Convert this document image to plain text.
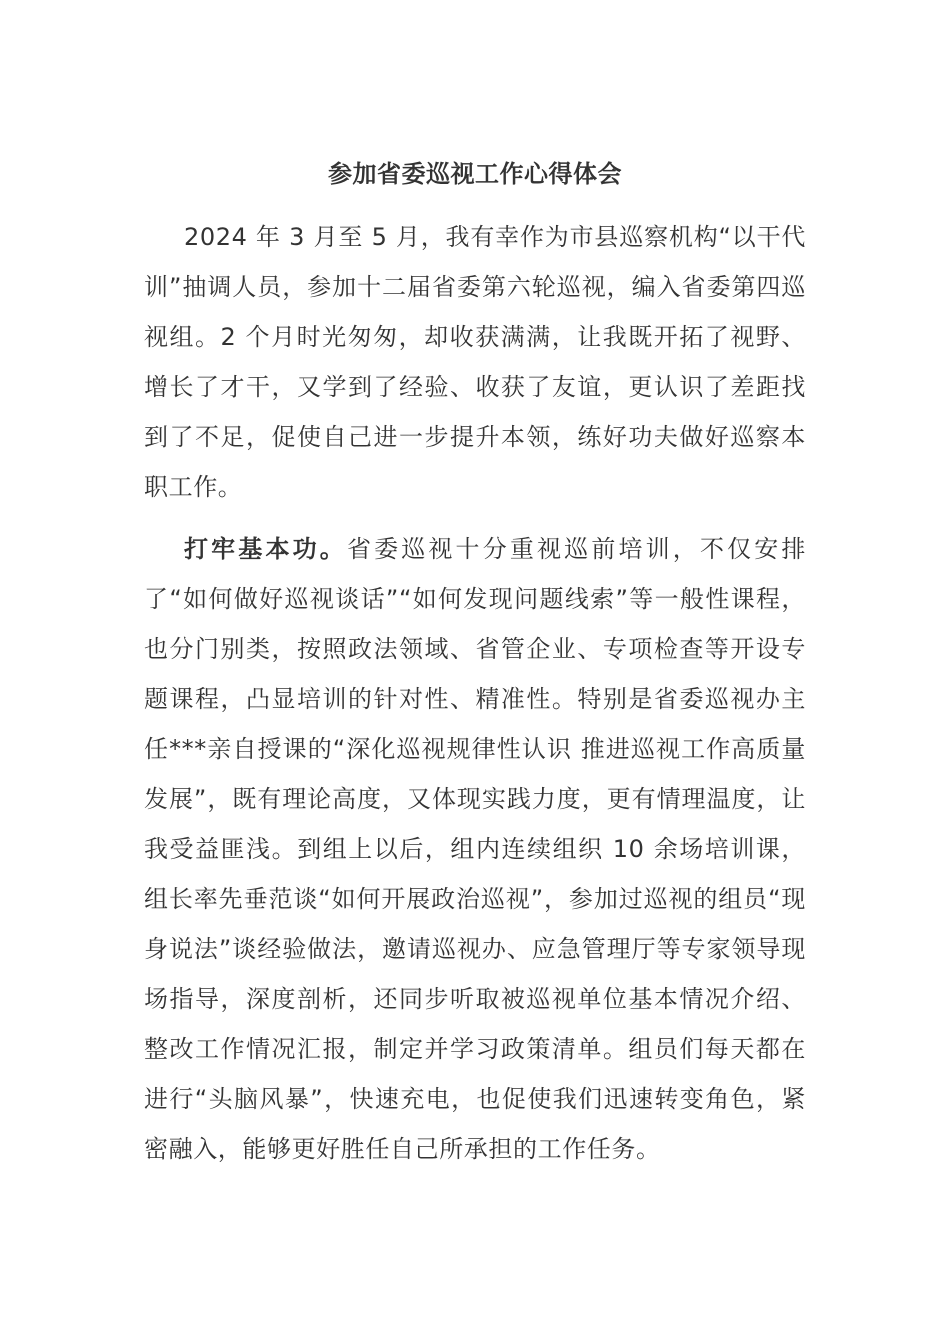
参加省委巡视工作心得体会

2024 年 3 月至 5 月，我有幸作为市县巡察机构“以干代训”抽调人员，参加十二届省委第六轮巡视，编入省委第四巡视组。2 个月时光匆匆，却收获满满，让我既开拓了视野、增长了才干，又学到了经验、收获了友谊，更认识了差距找到了不足，促使自己进一步提升本领，练好功夫做好巡察本职工作。

打牢基本功。省委巡视十分重视巡前培训，不仅安排了“如何做好巡视谈话”“如何发现问题线索”等一般性课程，也分门别类，按照政法领域、省管企业、专项检查等开设专题课程，凸显培训的针对性、精准性。特别是省委巡视办主任***亲自授课的“深化巡视规律性认识 推进巡视工作高质量发展”，既有理论高度，又体现实践力度，更有情理温度，让我受益匪浅。到组上以后，组内连续组织 10 余场培训课，组长率先垂范谈“如何开展政治巡视”，参加过巡视的组员“现身说法”谈经验做法，邀请巡视办、应急管理厅等专家领导现场指导，深度剖析，还同步听取被巡视单位基本情况介绍、整改工作情况汇报，制定并学习政策清单。组员们每天都在进行“头脑风暴”，快速充电，也促使我们迅速转变角色，紧密融入，能够更好胜任自己所承担的工作任务。
